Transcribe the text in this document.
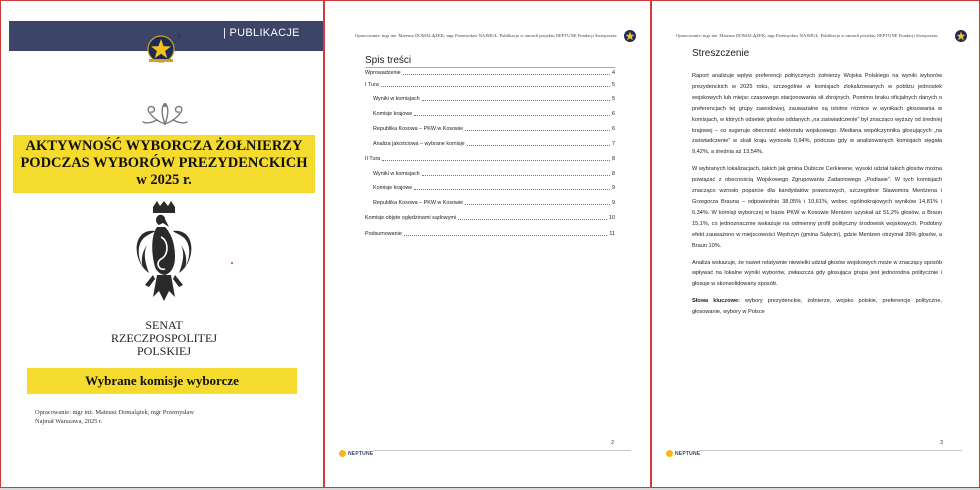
®	| PUBLIKACJE
AKTYWNOŚĆ WYBORCZA ŻOŁNIERZY
PODCZAS WYBORÓW PREZYDENCKICH
w 2025 r.
SENAT
RZECZPOSPOLITEJ
POLSKIEJ
Wybrane komisje wyborcze
Opracowanie: mgr inż. Mateusz Domalążek, mgr Przemysław
Najmał Warszawa, 2025 r.
Opracowanie: mgr inż. Mateusz DOMALĄŻEK, mgr Przemysław NAJMUŁ. Publikacja w ramach projektu NEPTUNE Fundacji Strzeposztu.
Spis treści
Wprowadzenie	4
I Tura	5
Wyniki w komisjach	5
Komisje krajowe	6
Republika Kosowa – PKW w Kosowie	6
Analiza jakościowa – wybrane komisje	7
II Tura	8
Wyniki w komisjach	8
Komisje krajowe	9
Republika Kosowa – PKW w Kosowie	9
Komisje objęte oględzinami sądowymi	10
Podsumowanie	11
2
NEPTUNE
Opracowanie: mgr inż. Mateusz DOMALĄŻEK, mgr Przemysław NAJMUŁ. Publikacja w ramach projektu NEPTUNE Fundacji Strzeposztu.
Streszczenie

Raport analizuje wpływ preferencji politycznych żołnierzy Wojska Polskiego na wyniki wyborów prezydenckich w 2025 roku, szczególnie w komisjach zlokalizowanych w pobliżu jednostek wojskowych lub miejsc czasowego stacjonowania sił zbrojnych. Pomimo braku oficjalnych danych o preferencjach tej grupy zawodowej, zauważalne są istotne różnice w wynikach głosowania w komisjach, w których odsetek głosów oddanych „na zaświadczenie” był znacząco wyższy od średniej krajowej – co sugeruje obecność elektoratu wojskowego. Mediana współczynnika głosujących „na zaświadczenie” w skali kraju wyniosła 0,94%, podczas gdy w analizowanych komisjach sięgała 9,42%, a średnia aż 13,54%.

W wybranych lokalizacjach, takich jak gmina Dubicze Cerkiewne, wysoki udział takich głosów można powiązać z obecnością Wojskowego Zgrupowania Zadaniowego „Podlasie”. W tych komisjach znacząco wzrosło poparcie dla kandydatów prawicowych, szczególnie Sławomira Mentzena i Grzegorza Brauna – odpowiednio 38,05% i 10,61%, wobec ogólnokrajowych wyników 14,81% i 6,34%. W komisji wyborczej w bazie PKW w Kosowie Mentzen uzyskał aż 51,2% głosów, a Braun 15,1%, co jednoznacznie wskazuje na odmienny profil polityczny środowisk wojskowych. Podobny efekt zauważono w miejscowości Wędrzyn (gmina Sulęcin), gdzie Mentzen otrzymał 39% głosów, a Braun 10%.

Analiza wskazuje, że nawet relatywnie niewielki udział głosów wojskowych może w znaczący sposób wpływać na lokalne wyniki wyborów, zwłaszcza gdy głosująca grupa jest jednorodna politycznie i głosuje w skonsolidowany sposób.

Słowa kluczowe: wybory prezydenckie, żołnierze, wojsko polskie, preferencje polityczne, głosowanie, wybory w Polsce

3
NEPTUNE
